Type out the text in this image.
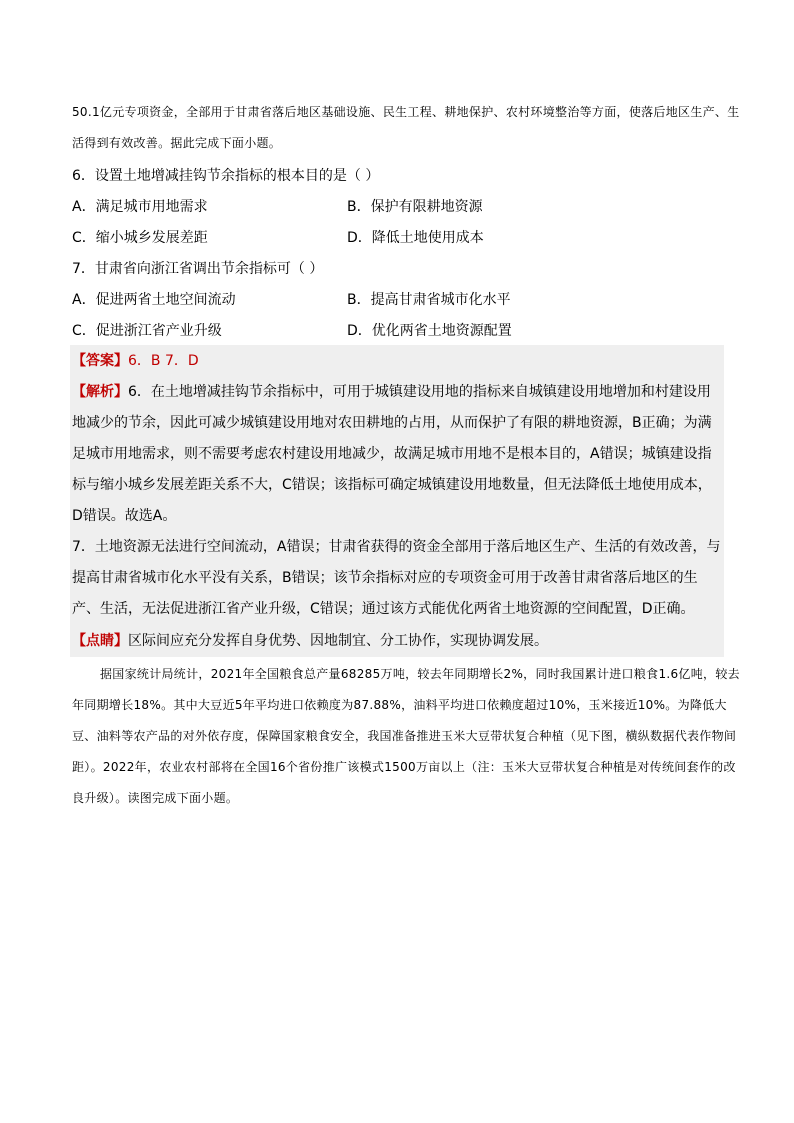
50.1亿元专项资金，全部用于甘肃省落后地区基础设施、民生工程、耕地保护、农村环境整治等方面，使落后地区生产、生活得到有效改善。据此完成下面小题。
6．设置土地增减挂钩节余指标的根本目的是（ ）
A．满足城市用地需求	B．保护有限耕地资源
C．缩小城乡发展差距	D．降低土地使用成本
7．甘肃省向浙江省调出节余指标可（ ）
A．促进两省土地空间流动	B．提高甘肃省城市化水平
C．促进浙江省产业升级	D．优化两省土地资源配置
【答案】6．B 7．D
【解析】6．在土地增减挂钩节余指标中，可用于城镇建设用地的指标来自城镇建设用地增加和村建设用地减少的节余，因此可减少城镇建设用地对农田耕地的占用，从而保护了有限的耕地资源，B正确；为满足城市用地需求，则不需要考虑农村建设用地减少，故满足城市用地不是根本目的，A错误；城镇建设指标与缩小城乡发展差距关系不大，C错误；该指标可确定城镇建设用地数量，但无法降低土地使用成本，D错误。故选A。
7．土地资源无法进行空间流动，A错误；甘肃省获得的资金全部用于落后地区生产、生活的有效改善，与提高甘肃省城市化水平没有关系，B错误；该节余指标对应的专项资金可用于改善甘肃省落后地区的生产、生活，无法促进浙江省产业升级，C错误；通过该方式能优化两省土地资源的空间配置，D正确。
【点睛】区际间应充分发挥自身优势、因地制宜、分工协作，实现协调发展。
据国家统计局统计，2021年全国粮食总产量68285万吨，较去年同期增长2%，同时我国累计进口粮食1.6亿吨，较去年同期增长18%。其中大豆近5年平均进口依赖度为87.88%，油料平均进口依赖度超过10%，玉米接近10%。为降低大豆、油料等农产品的对外依存度，保障国家粮食安全，我国准备推进玉米大豆带状复合种植（见下图，横纵数据代表作物间距）。2022年，农业农村部将在全国16个省份推广该模式1500万亩以上（注：玉米大豆带状复合种植是对传统间套作的改良升级）。读图完成下面小题。
